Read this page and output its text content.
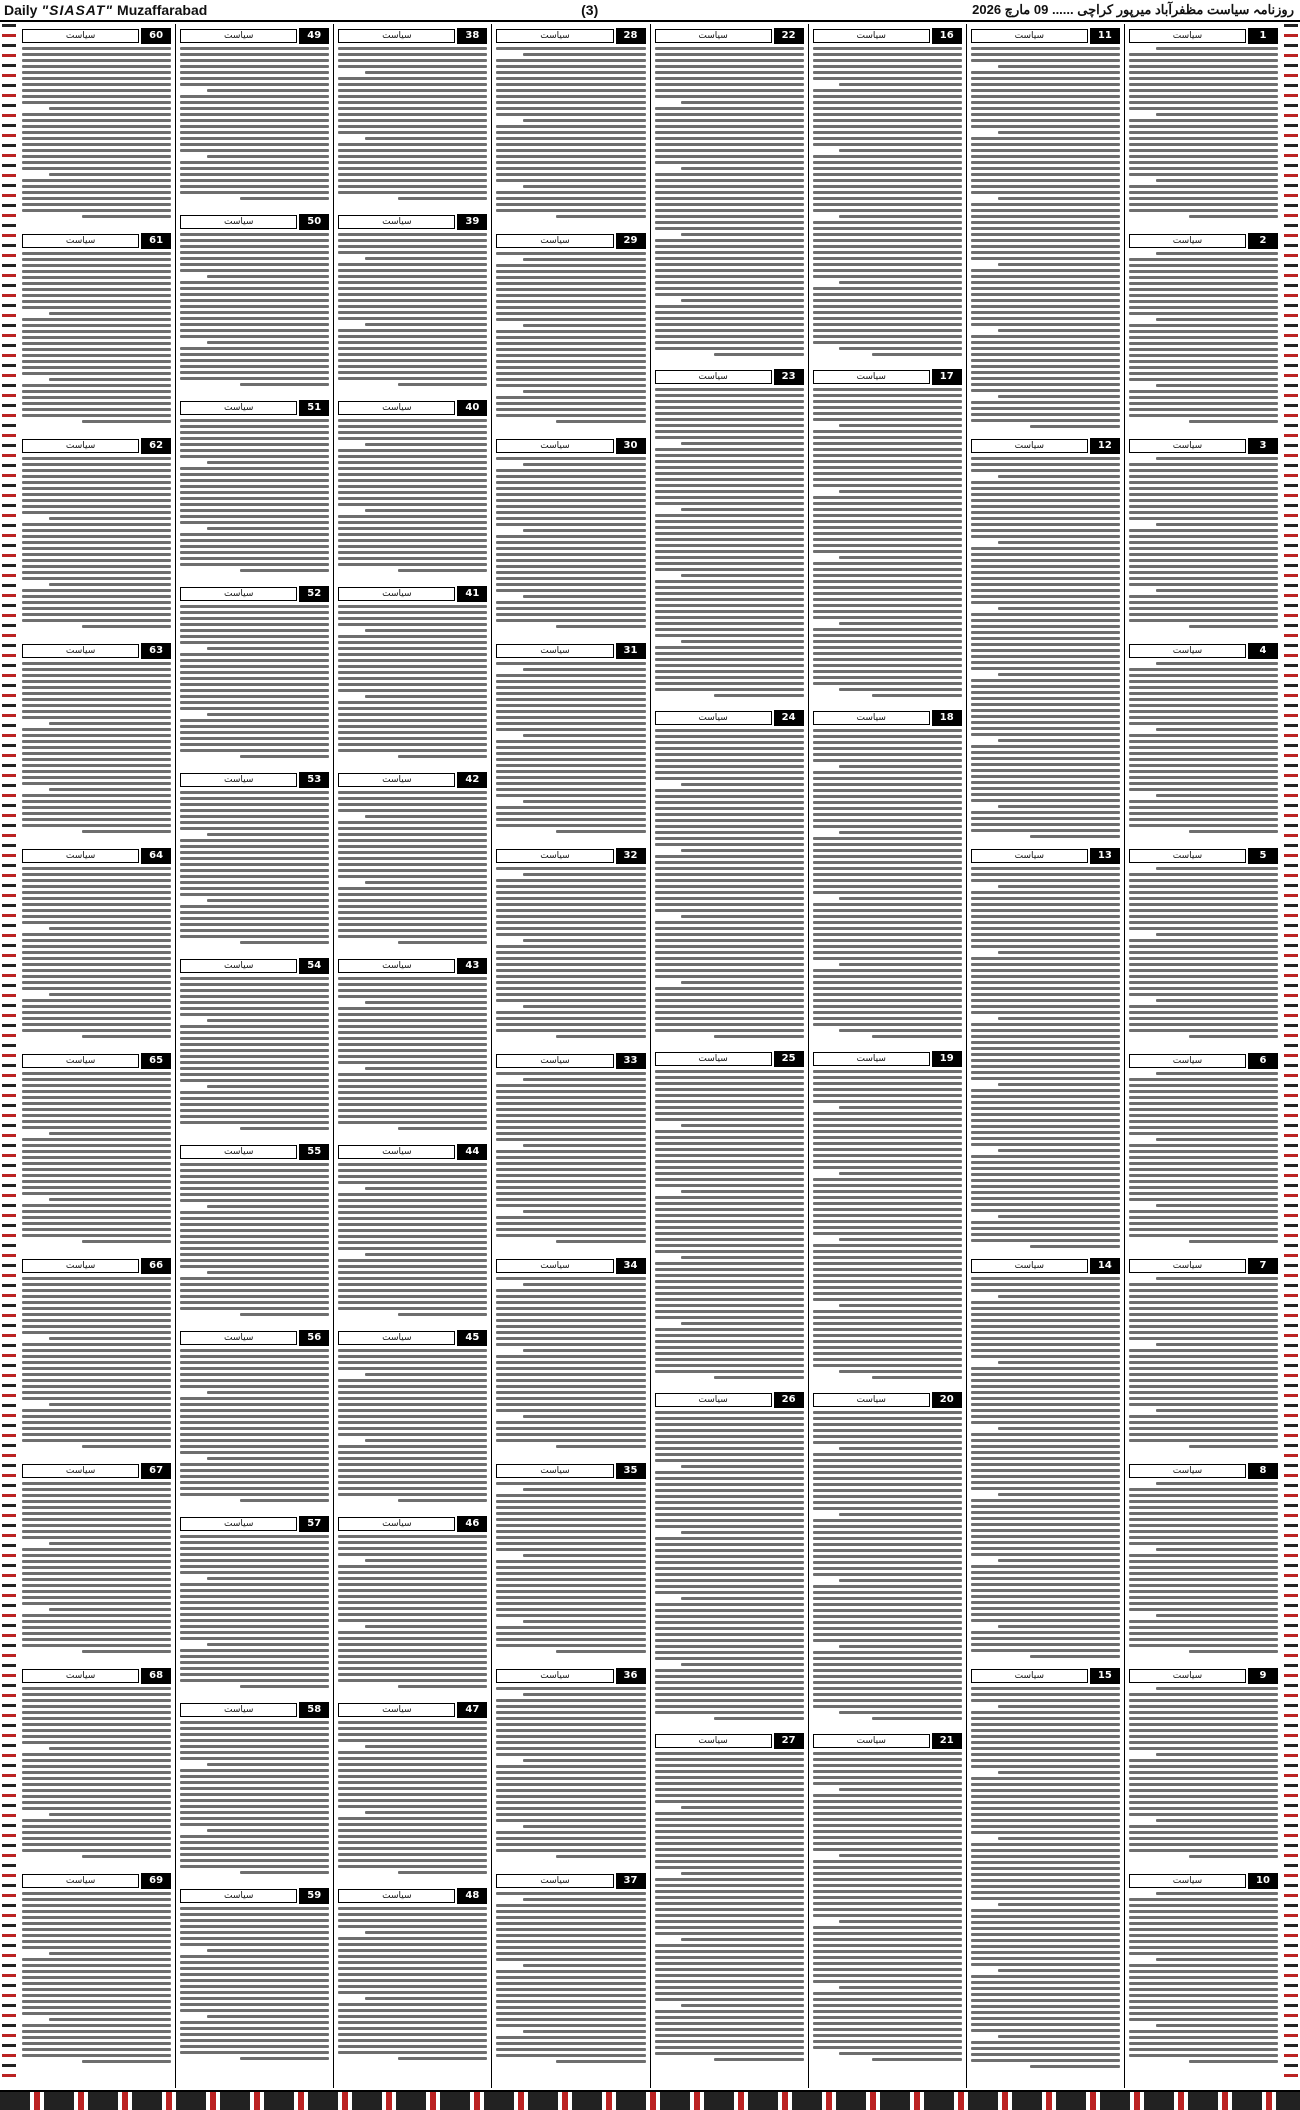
Daily "SIASAT" Muzaffarabad	(3)	روزنامہ سیاست مظفرآباد میرپور کراچی ...... 09 مارچ 2026
1
سیاست
2
سیاست
3
سیاست
4
سیاست
5
سیاست
6
سیاست
7
سیاست
8
سیاست
9
سیاست
10
سیاست
11
سیاست
12
سیاست
13
سیاست
14
سیاست
15
سیاست
16
سیاست
17
سیاست
18
سیاست
19
سیاست
20
سیاست
21
سیاست
22
سیاست
23
سیاست
24
سیاست
25
سیاست
26
سیاست
27
سیاست
28
سیاست
29
سیاست
30
سیاست
31
سیاست
32
سیاست
33
سیاست
34
سیاست
35
سیاست
36
سیاست
37
سیاست
38
سیاست
39
سیاست
40
سیاست
41
سیاست
42
سیاست
43
سیاست
44
سیاست
45
سیاست
46
سیاست
47
سیاست
48
سیاست
49
سیاست
50
سیاست
51
سیاست
52
سیاست
53
سیاست
54
سیاست
55
سیاست
56
سیاست
57
سیاست
58
سیاست
59
سیاست
60
سیاست
61
سیاست
62
سیاست
63
سیاست
64
سیاست
65
سیاست
66
سیاست
67
سیاست
68
سیاست
69
سیاست
